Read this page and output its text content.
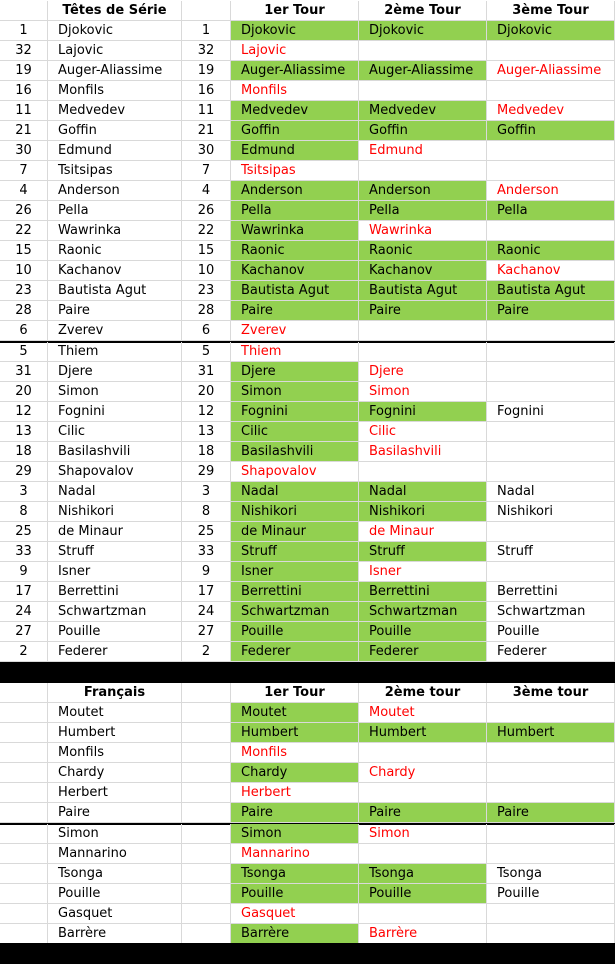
Têtes de Série	1er Tour	2ème Tour	3ème Tour
1	Djokovic	1	Djokovic	Djokovic	Djokovic
32	Lajovic	32	Lajovic
19	Auger-Aliassime	19	Auger-Aliassime	Auger-Aliassime	Auger-Aliassime
16	Monfils	16	Monfils
11	Medvedev	11	Medvedev	Medvedev	Medvedev
21	Goffin	21	Goffin	Goffin	Goffin
30	Edmund	30	Edmund	Edmund
7	Tsitsipas	7	Tsitsipas
4	Anderson	4	Anderson	Anderson	Anderson
26	Pella	26	Pella	Pella	Pella
22	Wawrinka	22	Wawrinka	Wawrinka
15	Raonic	15	Raonic	Raonic	Raonic
10	Kachanov	10	Kachanov	Kachanov	Kachanov
23	Bautista Agut	23	Bautista Agut	Bautista Agut	Bautista Agut
28	Paire	28	Paire	Paire	Paire
6	Zverev	6	Zverev
5	Thiem	5	Thiem
31	Djere	31	Djere	Djere
20	Simon	20	Simon	Simon
12	Fognini	12	Fognini	Fognini	Fognini
13	Cilic	13	Cilic	Cilic
18	Basilashvili	18	Basilashvili	Basilashvili
29	Shapovalov	29	Shapovalov
3	Nadal	3	Nadal	Nadal	Nadal
8	Nishikori	8	Nishikori	Nishikori	Nishikori
25	de Minaur	25	de Minaur	de Minaur
33	Struff	33	Struff	Struff	Struff
9	Isner	9	Isner	Isner
17	Berrettini	17	Berrettini	Berrettini	Berrettini
24	Schwartzman	24	Schwartzman	Schwartzman	Schwartzman
27	Pouille	27	Pouille	Pouille	Pouille
2	Federer	2	Federer	Federer	Federer
Français	1er Tour	2ème tour	3ème tour
Moutet	Moutet	Moutet
Humbert	Humbert	Humbert	Humbert
Monfils	Monfils
Chardy	Chardy	Chardy
Herbert	Herbert
Paire	Paire	Paire	Paire
Simon	Simon	Simon
Mannarino	Mannarino
Tsonga	Tsonga	Tsonga	Tsonga
Pouille	Pouille	Pouille	Pouille
Gasquet	Gasquet
Barrère	Barrère	Barrère
